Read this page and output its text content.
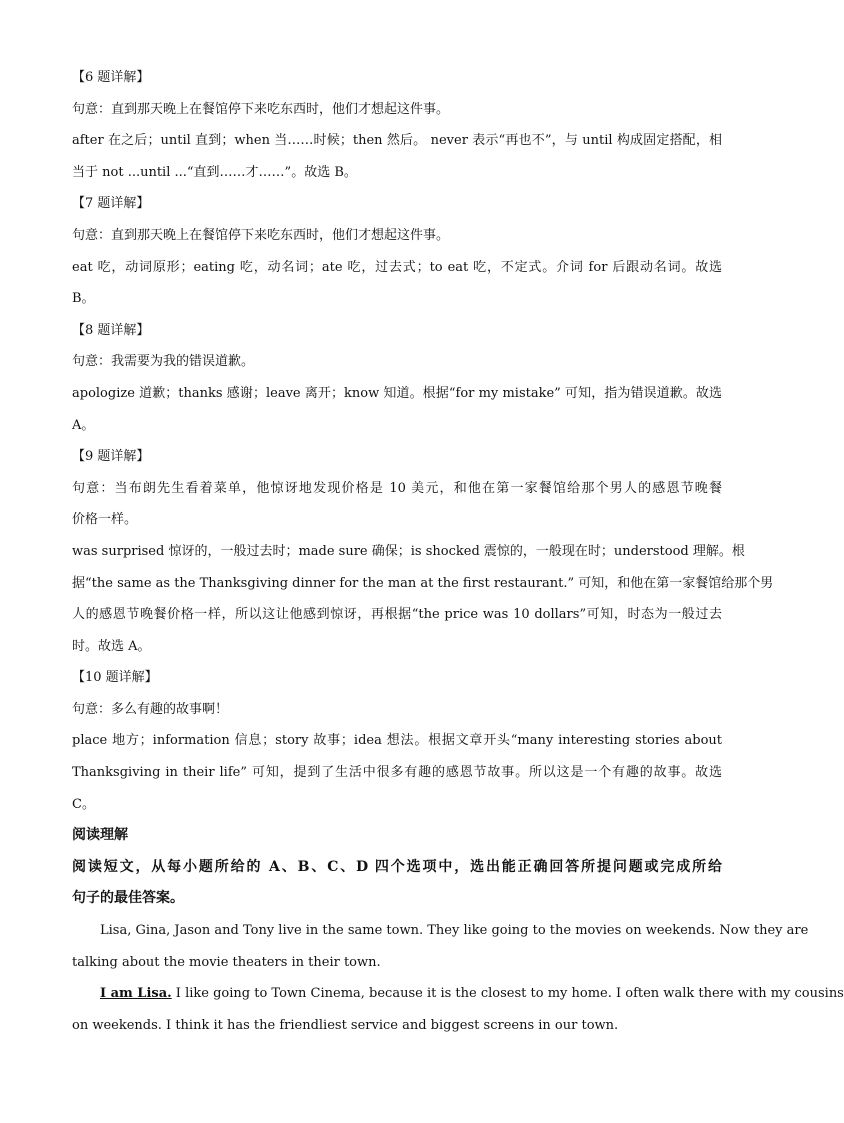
【6 题详解】

句意：直到那天晚上在餐馆停下来吃东西时，他们才想起这件事。

after 在之后；until 直到；when 当……时候；then 然后。 never 表示“再也不”，与 until 构成固定搭配，相

当于 not ...until ...“直到……才……”。故选 B。

【7 题详解】

句意：直到那天晚上在餐馆停下来吃东西时，他们才想起这件事。

eat 吃，动词原形；eating 吃，动名词；ate 吃，过去式；to eat 吃，不定式。介词 for 后跟动名词。故选

B。

【8 题详解】

句意：我需要为我的错误道歉。

apologize 道歉；thanks 感谢；leave 离开；know 知道。根据“for my mistake” 可知，指为错误道歉。故选

A。

【9 题详解】

句意：当布朗先生看着菜单，他惊讶地发现价格是 10 美元，和他在第一家餐馆给那个男人的感恩节晚餐

价格一样。

was surprised 惊讶的，一般过去时；made sure 确保；is shocked 震惊的，一般现在时；understood 理解。根

据“the same as the Thanksgiving dinner for the man at the first restaurant.” 可知，和他在第一家餐馆给那个男

人的感恩节晚餐价格一样，所以这让他感到惊讶，再根据“the price was 10 dollars”可知，时态为一般过去

时。故选 A。

【10 题详解】

句意：多么有趣的故事啊！

place 地方；information 信息；story 故事；idea 想法。根据文章开头“many interesting stories about

Thanksgiving in their life” 可知，提到了生活中很多有趣的感恩节故事。所以这是一个有趣的故事。故选

C。

阅读理解

阅读短文，从每小题所给的 A、B、C、D 四个选项中，选出能正确回答所提问题或完成所给

句子的最佳答案。

Lisa, Gina, Jason and Tony live in the same town. They like going to the movies on weekends. Now they are

talking about the movie theaters in their town.

I am Lisa. I like going to Town Cinema, because it is the closest to my home. I often walk there with my cousins

on weekends. I think it has the friendliest service and biggest screens in our town.
